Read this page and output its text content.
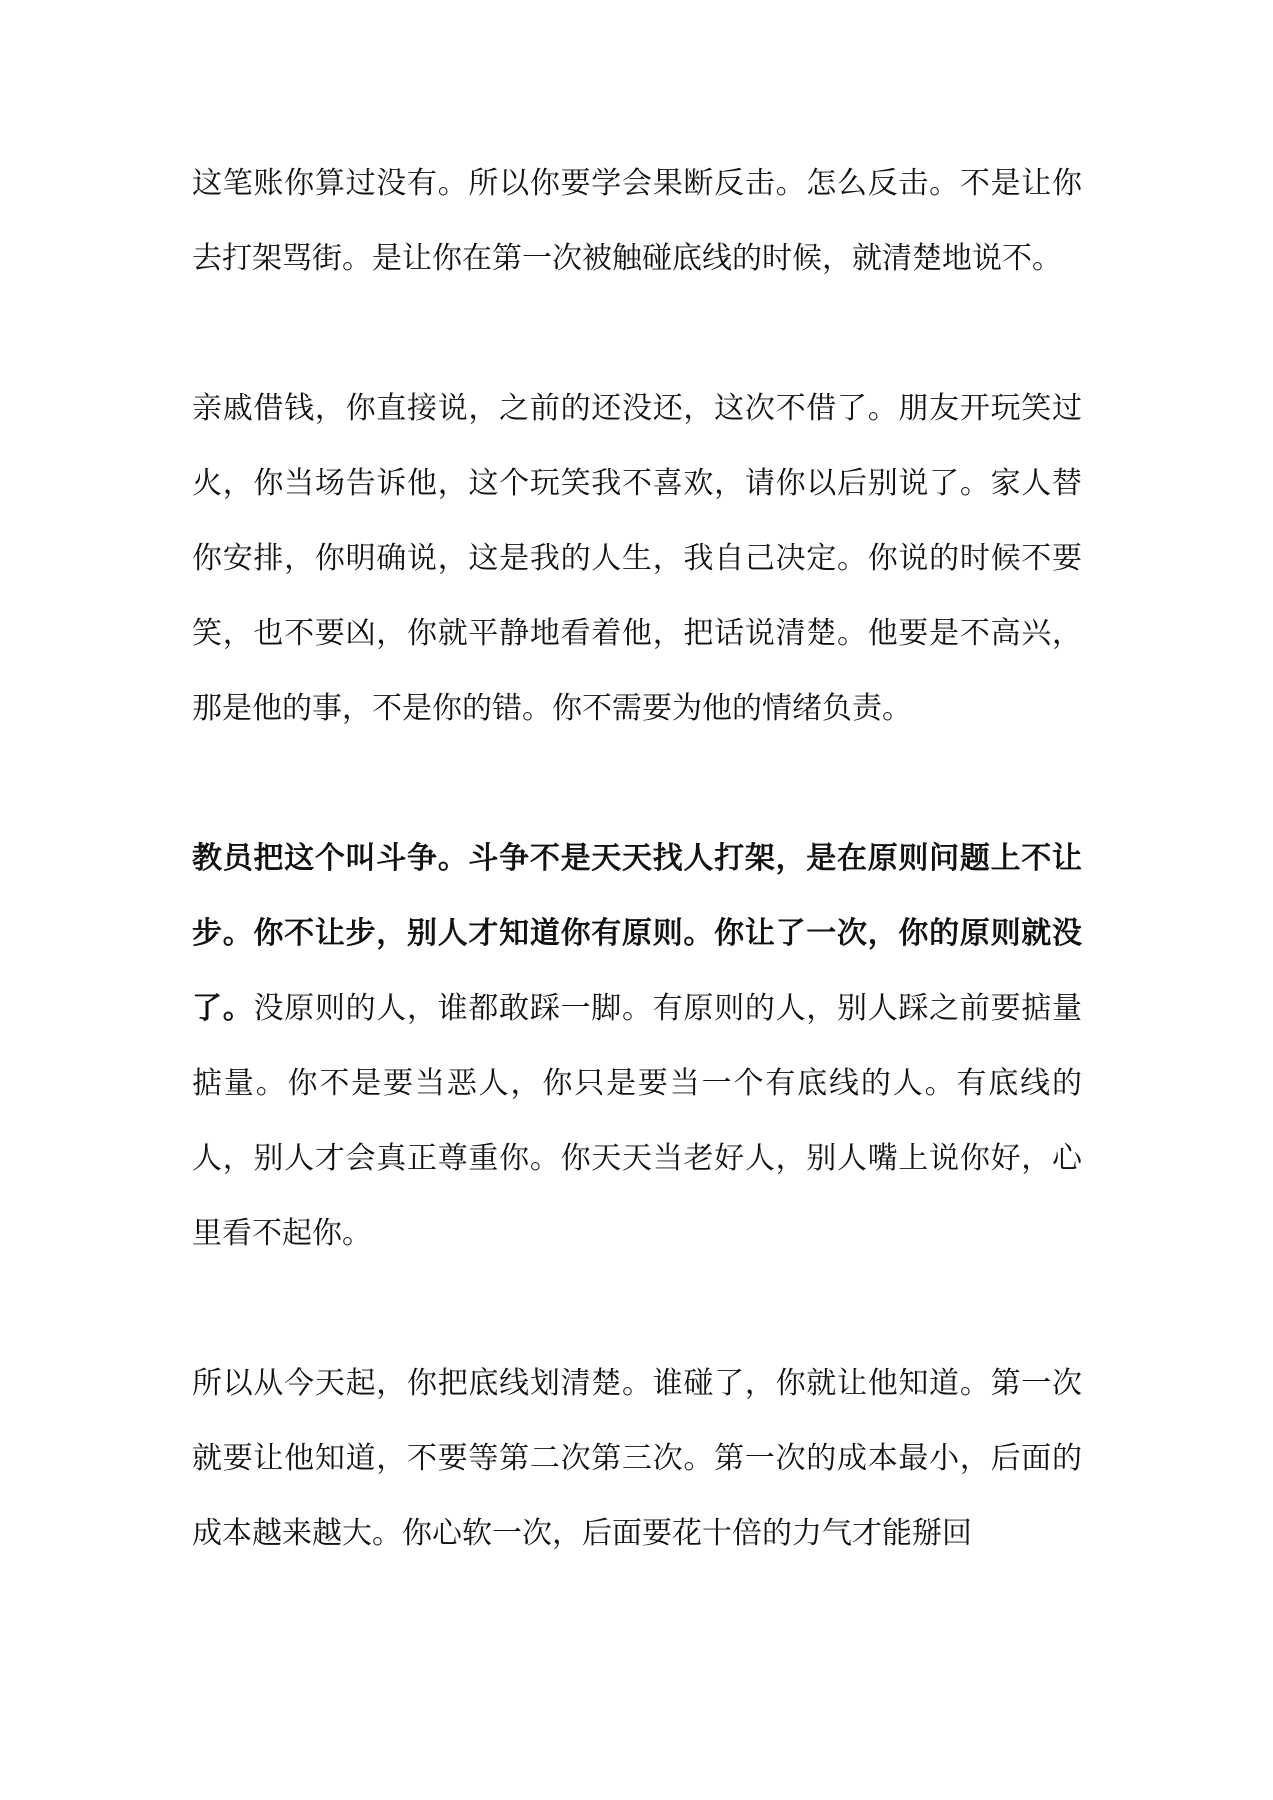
这笔账你算过没有。所以你要学会果断反击。怎么反击。不是让你去打架骂街。是让你在第一次被触碰底线的时候，就清楚地说不。

亲戚借钱，你直接说，之前的还没还，这次不借了。朋友开玩笑过火，你当场告诉他，这个玩笑我不喜欢，请你以后别说了。家人替你安排，你明确说，这是我的人生，我自己决定。你说的时候不要笑，也不要凶，你就平静地看着他，把话说清楚。他要是不高兴，那是他的事，不是你的错。你不需要为他的情绪负责。

教员把这个叫斗争。斗争不是天天找人打架，是在原则问题上不让步。你不让步，别人才知道你有原则。你让了一次，你的原则就没了。没原则的人，谁都敢踩一脚。有原则的人，别人踩之前要掂量掂量。你不是要当恶人，你只是要当一个有底线的人。有底线的人，别人才会真正尊重你。你天天当老好人，别人嘴上说你好，心里看不起你。

所以从今天起，你把底线划清楚。谁碰了，你就让他知道。第一次就要让他知道，不要等第二次第三次。第一次的成本最小，后面的成本越来越大。你心软一次，后面要花十倍的力气才能掰回
